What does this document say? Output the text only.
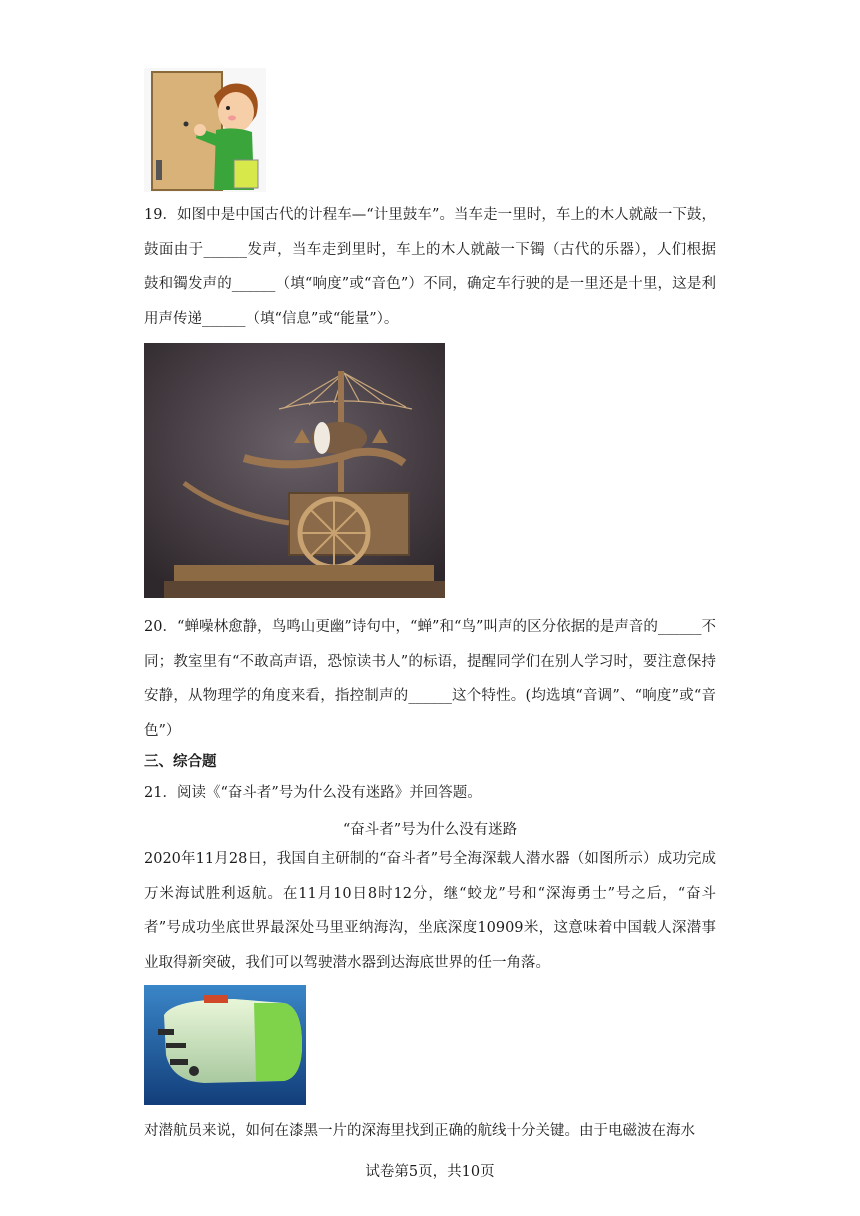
19．如图中是中国古代的计程车—“计里鼓车”。当车走一里时，车上的木人就敲一下鼓，鼓面由于______发声，当车走到里时，车上的木人就敲一下镯（古代的乐器），人们根据鼓和镯发声的______（填“响度”或“音色”）不同，确定车行驶的是一里还是十里，这是利用声传递______（填“信息”或“能量”）。

20．“蝉噪林愈静，鸟鸣山更幽”诗句中，“蝉”和“鸟”叫声的区分依据的是声音的______不同；教室里有“不敢高声语，恐惊读书人”的标语，提醒同学们在别人学习时，要注意保持安静，从物理学的角度来看，指控制声的______这个特性。(均选填“音调”、“响度”或“音色”）

三、综合题

21．阅读《“奋斗者”号为什么没有迷路》并回答题。

“奋斗者”号为什么没有迷路

2020年11月28日，我国自主研制的“奋斗者”号全海深载人潜水器（如图所示）成功完成万米海试胜利返航。在11月10日8时12分，继“蛟龙”号和“深海勇士”号之后，“奋斗者”号成功坐底世界最深处马里亚纳海沟，坐底深度10909米，这意味着中国载人深潜事业取得新突破，我们可以驾驶潜水器到达海底世界的任一角落。

对潜航员来说，如何在漆黑一片的深海里找到正确的航线十分关键。由于电磁波在海水

试卷第5页，共10页
